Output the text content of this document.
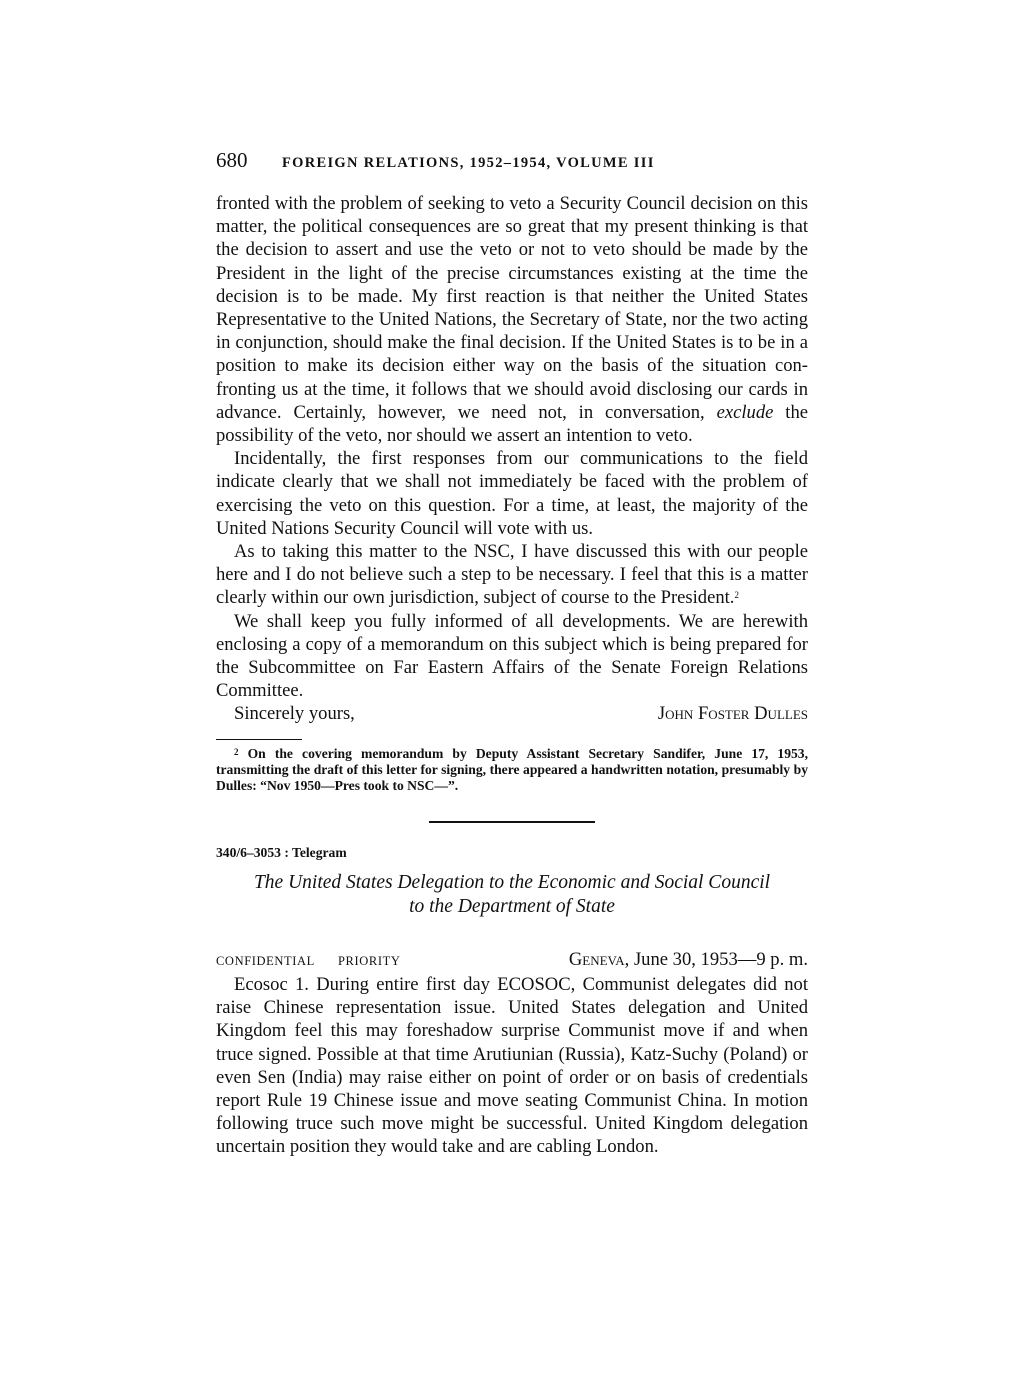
680	FOREIGN RELATIONS, 1952–1954, VOLUME III

fronted with the problem of seeking to veto a Security Council decision on this matter, the political consequences are so great that my present thinking is that the decision to assert and use the veto or not to veto should be made by the President in the light of the precise circumstances existing at the time the decision is to be made. My first reaction is that neither the United States Representative to the United Nations, the Secretary of State, nor the two acting in conjunction, should make the final decision. If the United States is to be in a position to make its decision either way on the basis of the situation confronting us at the time, it follows that we should avoid disclosing our cards in advance. Certainly, however, we need not, in conversation, exclude the possibility of the veto, nor should we assert an intention to veto.

Incidentally, the first responses from our communications to the field indicate clearly that we shall not immediately be faced with the problem of exercising the veto on this question. For a time, at least, the majority of the United Nations Security Council will vote with us.

As to taking this matter to the NSC, I have discussed this with our people here and I do not believe such a step to be necessary. I feel that this is a matter clearly within our own jurisdiction, subject of course to the President.$^2$

We shall keep you fully informed of all developments. We are herewith enclosing a copy of a memorandum on this subject which is being prepared for the Subcommittee on Far Eastern Affairs of the Senate Foreign Relations Committee.

Sincerely yours,	John Foster Dulles

$^2$ On the covering memorandum by Deputy Assistant Secretary Sandifer, June 17, 1953, transmitting the draft of this letter for signing, there appeared a handwritten notation, presumably by Dulles: “Nov 1950—Pres took to NSC—”.

340/6–3053 : Telegram
The United States Delegation to the Economic and Social Council
to the Department of State
CONFIDENTIAL	PRIORITY	Geneva, June 30, 1953—9 p. m.

Ecosoc 1. During entire first day ECOSOC, Communist delegates did not raise Chinese representation issue. United States delegation and United Kingdom feel this may foreshadow surprise Communist move if and when truce signed. Possible at that time Arutiunian (Russia), Katz-Suchy (Poland) or even Sen (India) may raise either on point of order or on basis of credentials report Rule 19 Chinese issue and move seating Communist China. In motion following truce such move might be successful. United Kingdom delegation uncertain position they would take and are cabling London.
